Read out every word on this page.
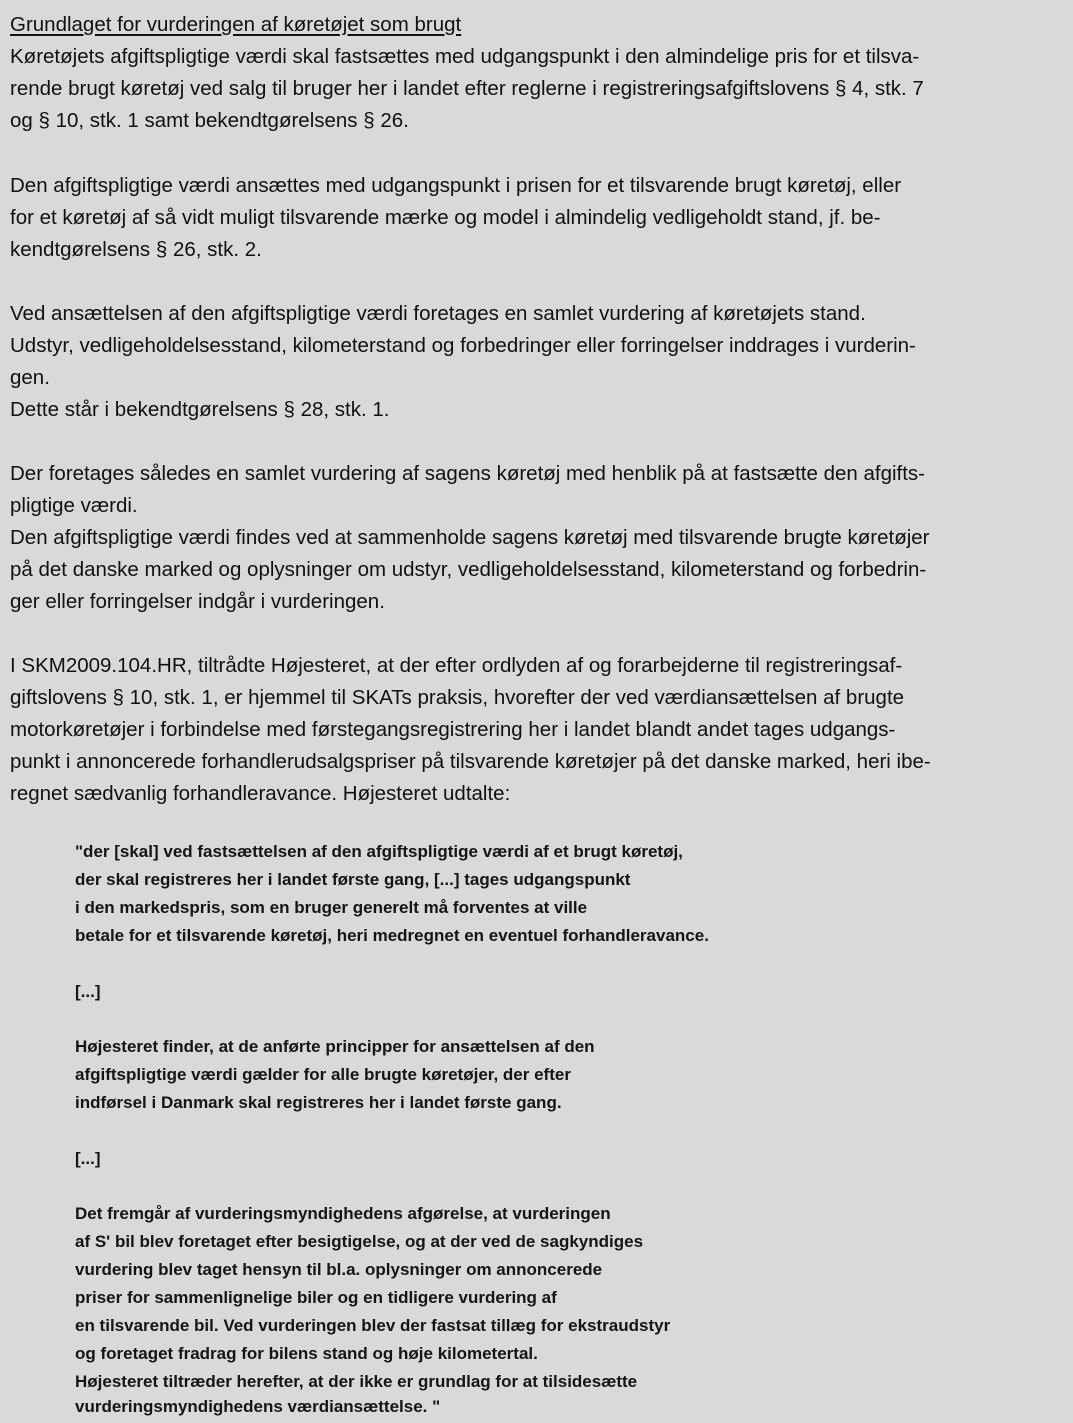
Grundlaget for vurderingen af køretøjet som brugt
Køretøjets afgiftspligtige værdi skal fastsættes med udgangspunkt i den almindelige pris for et tilsva-
rende brugt køretøj ved salg til bruger her i landet efter reglerne i registreringsafgiftslovens § 4, stk. 7
og § 10, stk. 1 samt bekendtgørelsens § 26.
Den afgiftspligtige værdi ansættes med udgangspunkt i prisen for et tilsvarende brugt køretøj, eller
for et køretøj af så vidt muligt tilsvarende mærke og model i almindelig vedligeholdt stand, jf. be-
kendtgørelsens § 26, stk. 2.
Ved ansættelsen af den afgiftspligtige værdi foretages en samlet vurdering af køretøjets stand.
Udstyr, vedligeholdelsesstand, kilometerstand og forbedringer eller forringelser inddrages i vurderin-
gen.
Dette står i bekendtgørelsens § 28, stk. 1.
Der foretages således en samlet vurdering af sagens køretøj med henblik på at fastsætte den afgifts-
pligtige værdi.
Den afgiftspligtige værdi findes ved at sammenholde sagens køretøj med tilsvarende brugte køretøjer
på det danske marked og oplysninger om udstyr, vedligeholdelsesstand, kilometerstand og forbedrin-
ger eller forringelser indgår i vurderingen.
I SKM2009.104.HR, tiltrådte Højesteret, at der efter ordlyden af og forarbejderne til registreringsaf-
giftslovens § 10, stk. 1, er hjemmel til SKATs praksis, hvorefter der ved værdiansættelsen af brugte
motorkøretøjer i forbindelse med førstegangsregistrering her i landet blandt andet tages udgangs-
punkt i annoncerede forhandlerudsalgspriser på tilsvarende køretøjer på det danske marked, heri ibe-
regnet sædvanlig forhandleravance. Højesteret udtalte:
"der [skal] ved fastsættelsen af den afgiftspligtige værdi af et brugt køretøj,
der skal registreres her i landet første gang, [...] tages udgangspunkt
i den markedspris, som en bruger generelt må forventes at ville
betale for et tilsvarende køretøj, heri medregnet en eventuel forhandleravance.
[...]
Højesteret finder, at de anførte principper for ansættelsen af den
afgiftspligtige værdi gælder for alle brugte køretøjer, der efter
indførsel i Danmark skal registreres her i landet første gang.
[...]
Det fremgår af vurderingsmyndighedens afgørelse, at vurderingen
af S' bil blev foretaget efter besigtigelse, og at der ved de sagkyndiges
vurdering blev taget hensyn til bl.a. oplysninger om annoncerede
priser for sammenlignelige biler og en tidligere vurdering af
en tilsvarende bil. Ved vurderingen blev der fastsat tillæg for ekstraudstyr
og foretaget fradrag for bilens stand og høje kilometertal.
Højesteret tiltræder herefter, at der ikke er grundlag for at tilsidesætte
vurderingsmyndighedens værdiansættelse. "
